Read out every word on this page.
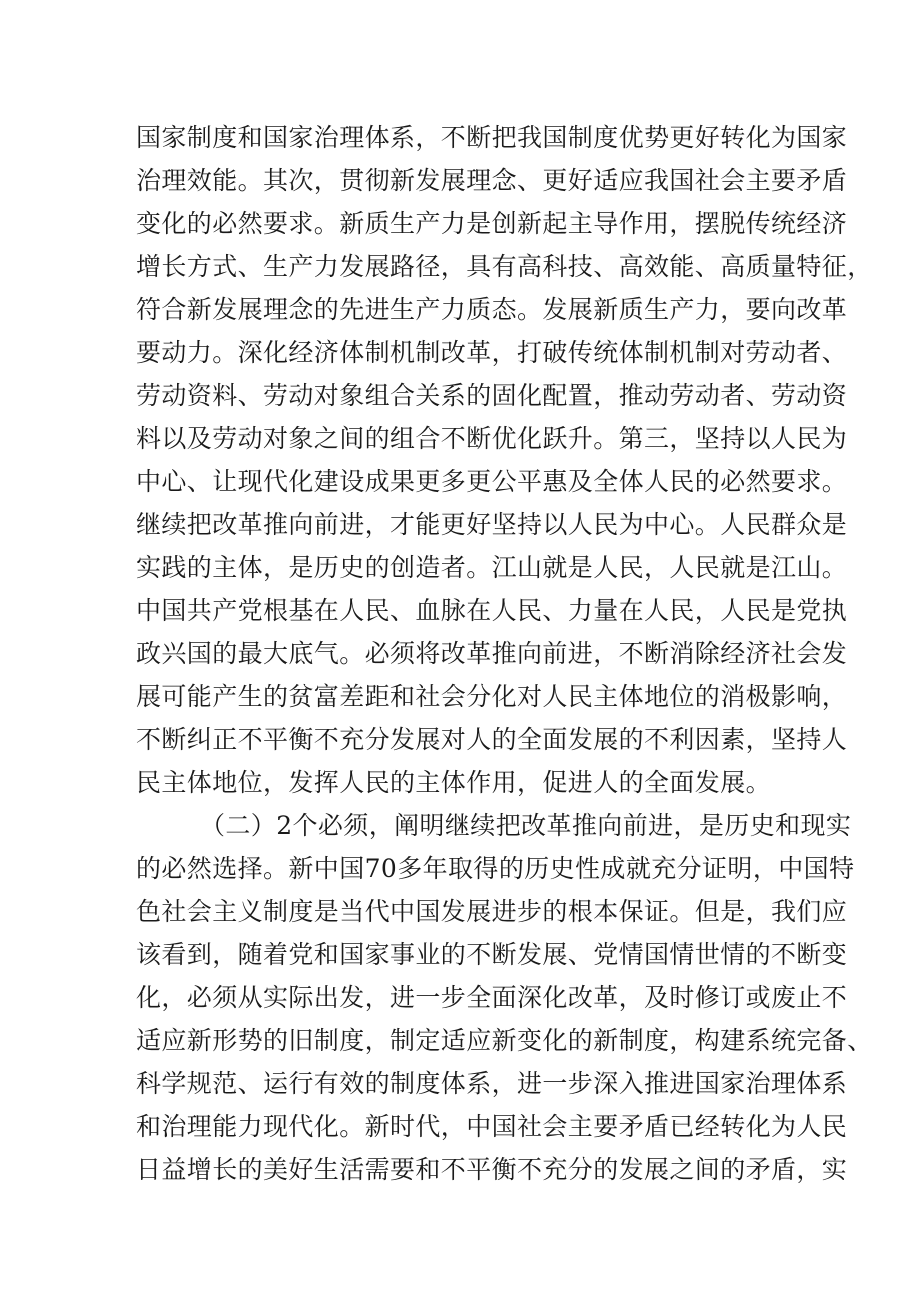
国家制度和国家治理体系，不断把我国制度优势更好转化为国家
治理效能。其次，贯彻新发展理念、更好适应我国社会主要矛盾
变化的必然要求。新质生产力是创新起主导作用，摆脱传统经济
增长方式、生产力发展路径，具有高科技、高效能、高质量特征，
符合新发展理念的先进生产力质态。发展新质生产力，要向改革
要动力。深化经济体制机制改革，打破传统体制机制对劳动者、
劳动资料、劳动对象组合关系的固化配置，推动劳动者、劳动资
料以及劳动对象之间的组合不断优化跃升。第三，坚持以人民为
中心、让现代化建设成果更多更公平惠及全体人民的必然要求。
继续把改革推向前进，才能更好坚持以人民为中心。人民群众是
实践的主体，是历史的创造者。江山就是人民，人民就是江山。
中国共产党根基在人民、血脉在人民、力量在人民，人民是党执
政兴国的最大底气。必须将改革推向前进，不断消除经济社会发
展可能产生的贫富差距和社会分化对人民主体地位的消极影响，
不断纠正不平衡不充分发展对人的全面发展的不利因素，坚持人
民主体地位，发挥人民的主体作用，促进人的全面发展。
（二）2个必须，阐明继续把改革推向前进，是历史和现实
的必然选择。新中国70多年取得的历史性成就充分证明，中国特
色社会主义制度是当代中国发展进步的根本保证。但是，我们应
该看到，随着党和国家事业的不断发展、党情国情世情的不断变
化，必须从实际出发，进一步全面深化改革，及时修订或废止不
适应新形势的旧制度，制定适应新变化的新制度，构建系统完备、
科学规范、运行有效的制度体系，进一步深入推进国家治理体系
和治理能力现代化。新时代，中国社会主要矛盾已经转化为人民
日益增长的美好生活需要和不平衡不充分的发展之间的矛盾，实
